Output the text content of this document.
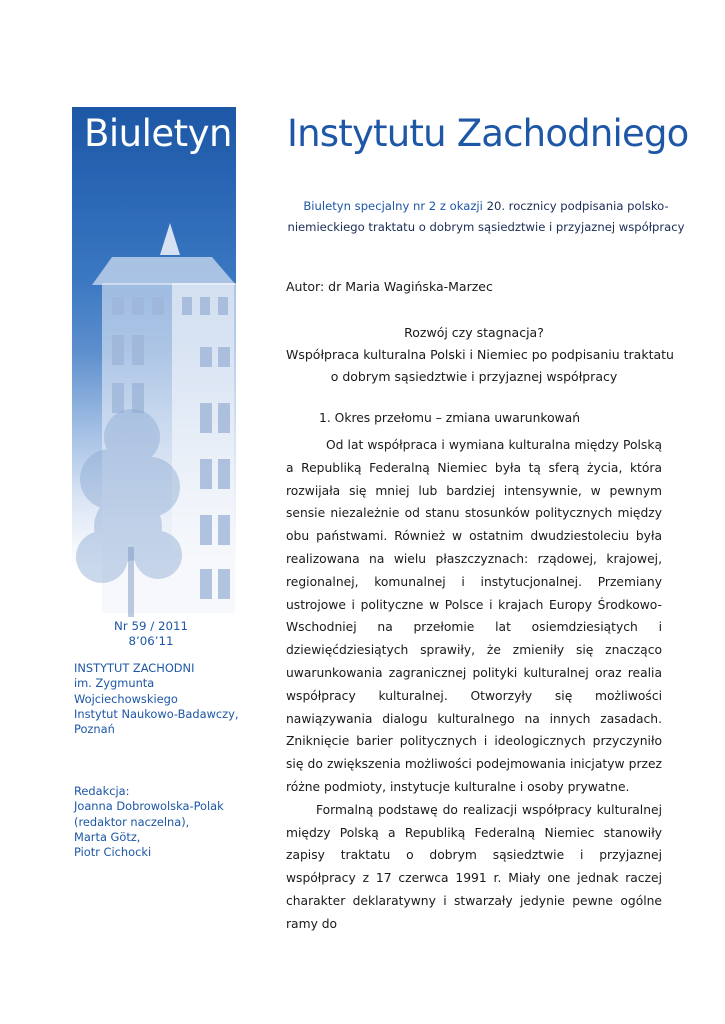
Biuletyn Instytutu Zachodniego
Biuletyn specjalny nr 2 z okazji 20. rocznicy podpisania polsko-
niemieckiego traktatu o dobrym sąsiedztwie i przyjaznej współpracy
Autor: dr Maria Wagińska-Marzec
Rozwój czy stagnacja?
Współpraca kulturalna Polski i Niemiec po podpisaniu traktatu
o dobrym sąsiedztwie i przyjaznej współpracy
1. Okres przełomu – zmiana uwarunkowań

Od lat współpraca i wymiana kulturalna między Polską a Republiką Federalną Niemiec była tą sferą życia, która rozwijała się mniej lub bardziej intensywnie, w pewnym sensie niezależnie od stanu stosunków politycznych między obu państwami. Również w ostatnim dwudziestoleciu była realizowana na wielu płaszczyznach: rządowej, krajowej, regionalnej, komunalnej i instytucjonalnej. Przemiany ustrojowe i polityczne w Polsce i krajach Europy Środkowo-Wschodniej na przełomie lat osiemdziesiątych i dziewięćdziesiątych sprawiły, że zmieniły się znacząco uwarunkowania zagranicznej polityki kulturalnej oraz realia współpracy kulturalnej. Otworzyły się możliwości nawiązywania dialogu kulturalnego na innych zasadach. Zniknięcie barier politycznych i ideologicznych przyczyniło się do zwiększenia możliwości podejmowania inicjatyw przez różne podmioty, instytucje kulturalne i osoby prywatne.

Formalną podstawę do realizacji współpracy kulturalnej między Polską a Republiką Federalną Niemiec stanowiły zapisy traktatu o dobrym sąsiedztwie i przyjaznej współpracy z 17 czerwca 1991 r. Miały one jednak raczej charakter deklaratywny i stwarzały jedynie pewne ogólne ramy do

Nr 59 / 2011
8’06’11
INSTYTUT ZACHODNI
im. Zygmunta
Wojciechowskiego
Instytut Naukowo-Badawczy,
Poznań
Redakcja:
Joanna Dobrowolska-Polak
(redaktor naczelna),
Marta Götz,
Piotr Cichocki
